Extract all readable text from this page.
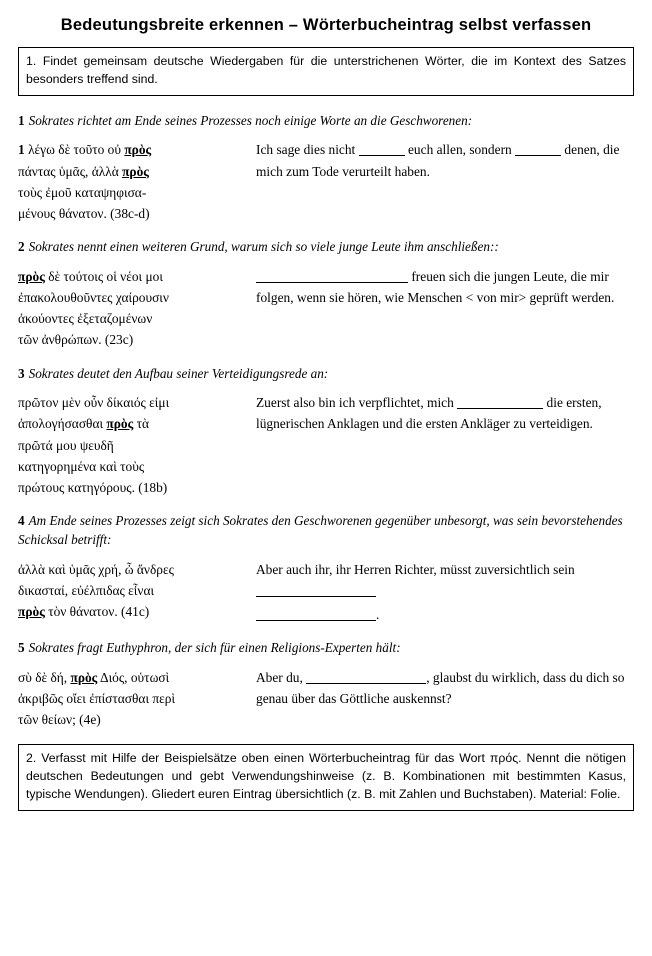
Bedeutungsbreite erkennen – Wörterbucheintrag selbst verfassen
1. Findet gemeinsam deutsche Wiedergaben für die unterstrichenen Wörter, die im Kontext des Satzes besonders treffend sind.
1 Sokrates richtet am Ende seines Prozesses noch einige Worte an die Geschworenen:
1 λέγω δὲ τοῦτο οὐ πρὸς
πάντας ὑμᾶς, ἀλλὰ πρὸς
τοὺς ἐμοῦ καταψηφισα-
μένους θάνατον. (38c-d)
Ich sage dies nicht	euch allen, sondern	denen, die mich zum Tode verurteilt haben.
2 Sokrates nennt einen weiteren Grund, warum sich so viele junge Leute ihm anschließen::
πρὸς δὲ τούτοις οἱ νέοι μοι
ἐπακολουθοῦντες χαίρουσιν
ἀκούοντες ἐξεταζομένων
τῶν ἀνθρώπων. (23c)
freuen sich die jungen Leute, die mir folgen, wenn sie hören, wie Menschen < von mir> geprüft werden.
3 Sokrates deutet den Aufbau seiner Verteidigungsrede an:
πρῶτον μὲν οὖν δίκαιός εἰμι
ἀπολογήσασθαι πρὸς τὰ
πρῶτά μου ψευδῆ
κατηγορημένα καὶ τοὺς
πρώτους κατηγόρους. (18b)
Zuerst also bin ich verpflichtet, mich	die ersten, lügnerischen Anklagen und die ersten Ankläger zu verteidigen.
4 Am Ende seines Prozesses zeigt sich Sokrates den Geschworenen gegenüber unbesorgt, was sein bevorstehendes Schicksal betrifft:
ἀλλὰ καὶ ὑμᾶς χρή, ὦ ἄνδρες
δικασταί, εὐέλπιδας εἶναι
πρὸς τὸν θάνατον. (41c)
Aber auch ihr, ihr Herren Richter, müsst zuversichtlich sein
.
5 Sokrates fragt Euthyphron, der sich für einen Religions-Experten hält:
σὺ δὲ δή, πρὸς Διός, οὑτωσὶ
ἀκριβῶς οἴει ἐπίστασθαι περὶ
τῶν θείων; (4e)
Aber du,	, glaubst du wirklich, dass du dich so genau über das Göttliche auskennst?
2. Verfasst mit Hilfe der Beispielsätze oben einen Wörterbucheintrag für das Wort πρός. Nennt die nötigen deutschen Bedeutungen und gebt Verwendungshinweise (z. B. Kombinationen mit bestimmten Kasus, typische Wendungen). Gliedert euren Eintrag übersichtlich (z. B. mit Zahlen und Buchstaben). Material: Folie.
